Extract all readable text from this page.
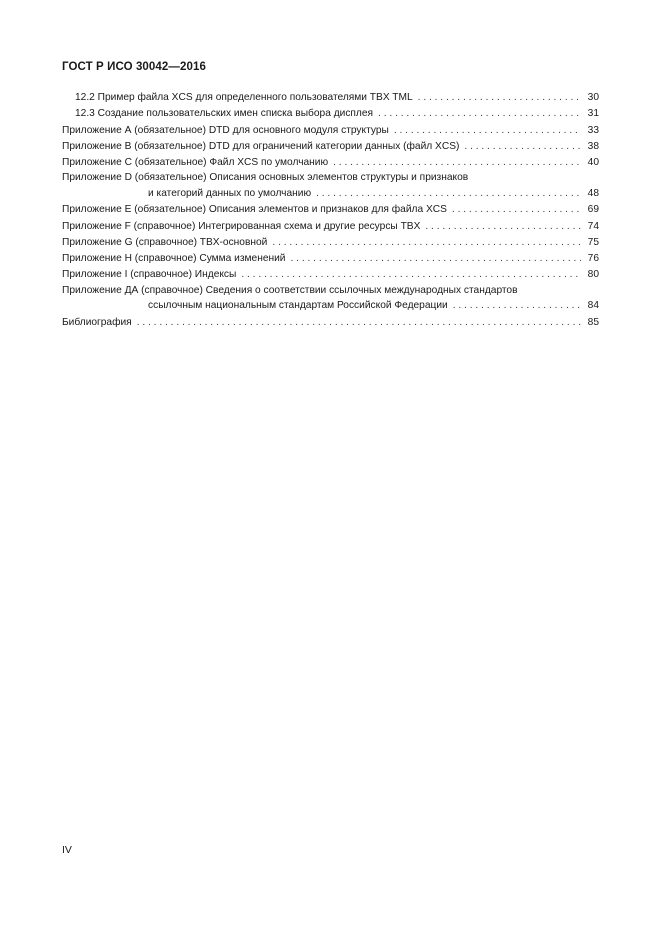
ГОСТ Р ИСО 30042—2016
12.2 Пример файла XCS для определенного пользователями TBX TML . . .	30
12.3 Создание пользовательских имен списка выбора дисплея . . .	31
Приложение А (обязательное) DTD для основного модуля структуры . . .	33
Приложение В (обязательное) DTD для ограничений категории данных (файл XCS) . . .	38
Приложение С (обязательное) Файл XCS по умолчанию . . .	40
Приложение D (обязательное) Описания основных элементов структуры и признаков
и категорий данных по умолчанию . . .	48
Приложение Е (обязательное) Описания элементов и признаков для файла XCS . . .	69
Приложение F (справочное) Интегрированная схема и другие ресурсы TBX . . .	74
Приложение G (справочное) TBX-основной . . .	75
Приложение Н (справочное) Сумма изменений . . .	76
Приложение I (справочное) Индексы . . .	80
Приложение ДА (справочное) Сведения о соответствии ссылочных международных стандартов
ссылочным национальным стандартам Российской Федерации . . .	84
Библиография . . .	85
IV
